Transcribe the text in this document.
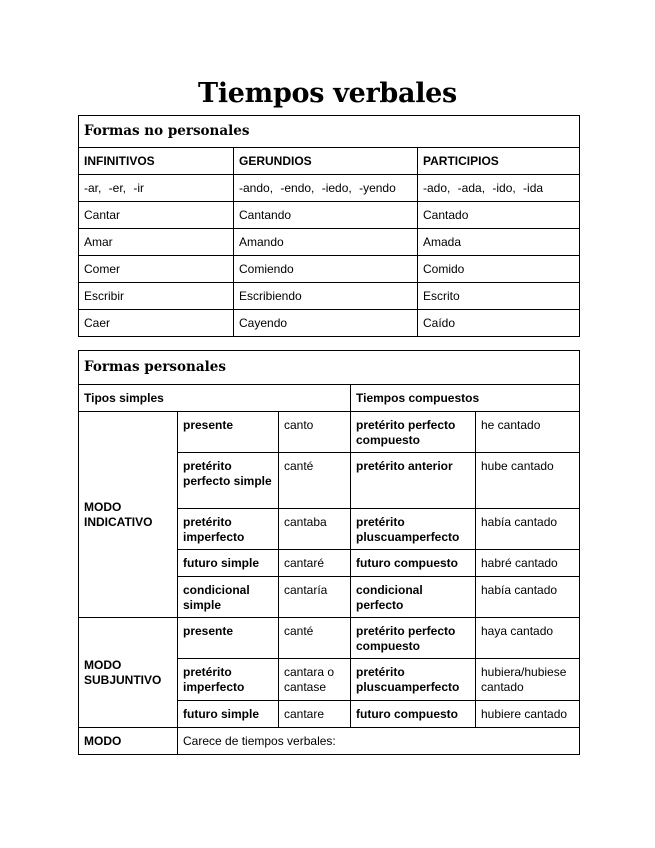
Tiempos verbales
Formas no personales		
INFINITIVOS	GERUNDIOS	PARTICIPIOS
-ar, -er, -ir	-ando, -endo, -iedo, -yendo	-ado, -ada, -ido, -ida
Cantar	Cantando	Cantado
Amar	Amando	Amada
Comer	Comiendo	Comido
Escribir	Escribiendo	Escrito
Caer	Cayendo	Caído
Formas personales				
Tipos simples			Tiempos compuestos	
MODO INDICATIVO	presente	canto	pretérito perfecto compuesto	he cantado
	pretérito perfecto simple	canté	pretérito anterior	hube cantado
	pretérito imperfecto	cantaba	pretérito pluscuamperfecto	había cantado
	futuro simple	cantaré	futuro compuesto	habré cantado
	condicional simple	cantaría	condicional perfecto	había cantado
MODO SUBJUNTIVO	presente	canté	pretérito perfecto compuesto	haya cantado
	pretérito imperfecto	cantara o cantase	pretérito pluscuamperfecto	hubiera/hubiese cantado
	futuro simple	cantare	futuro compuesto	hubiere cantado
MODO	Carece de tiempos verbales:			
